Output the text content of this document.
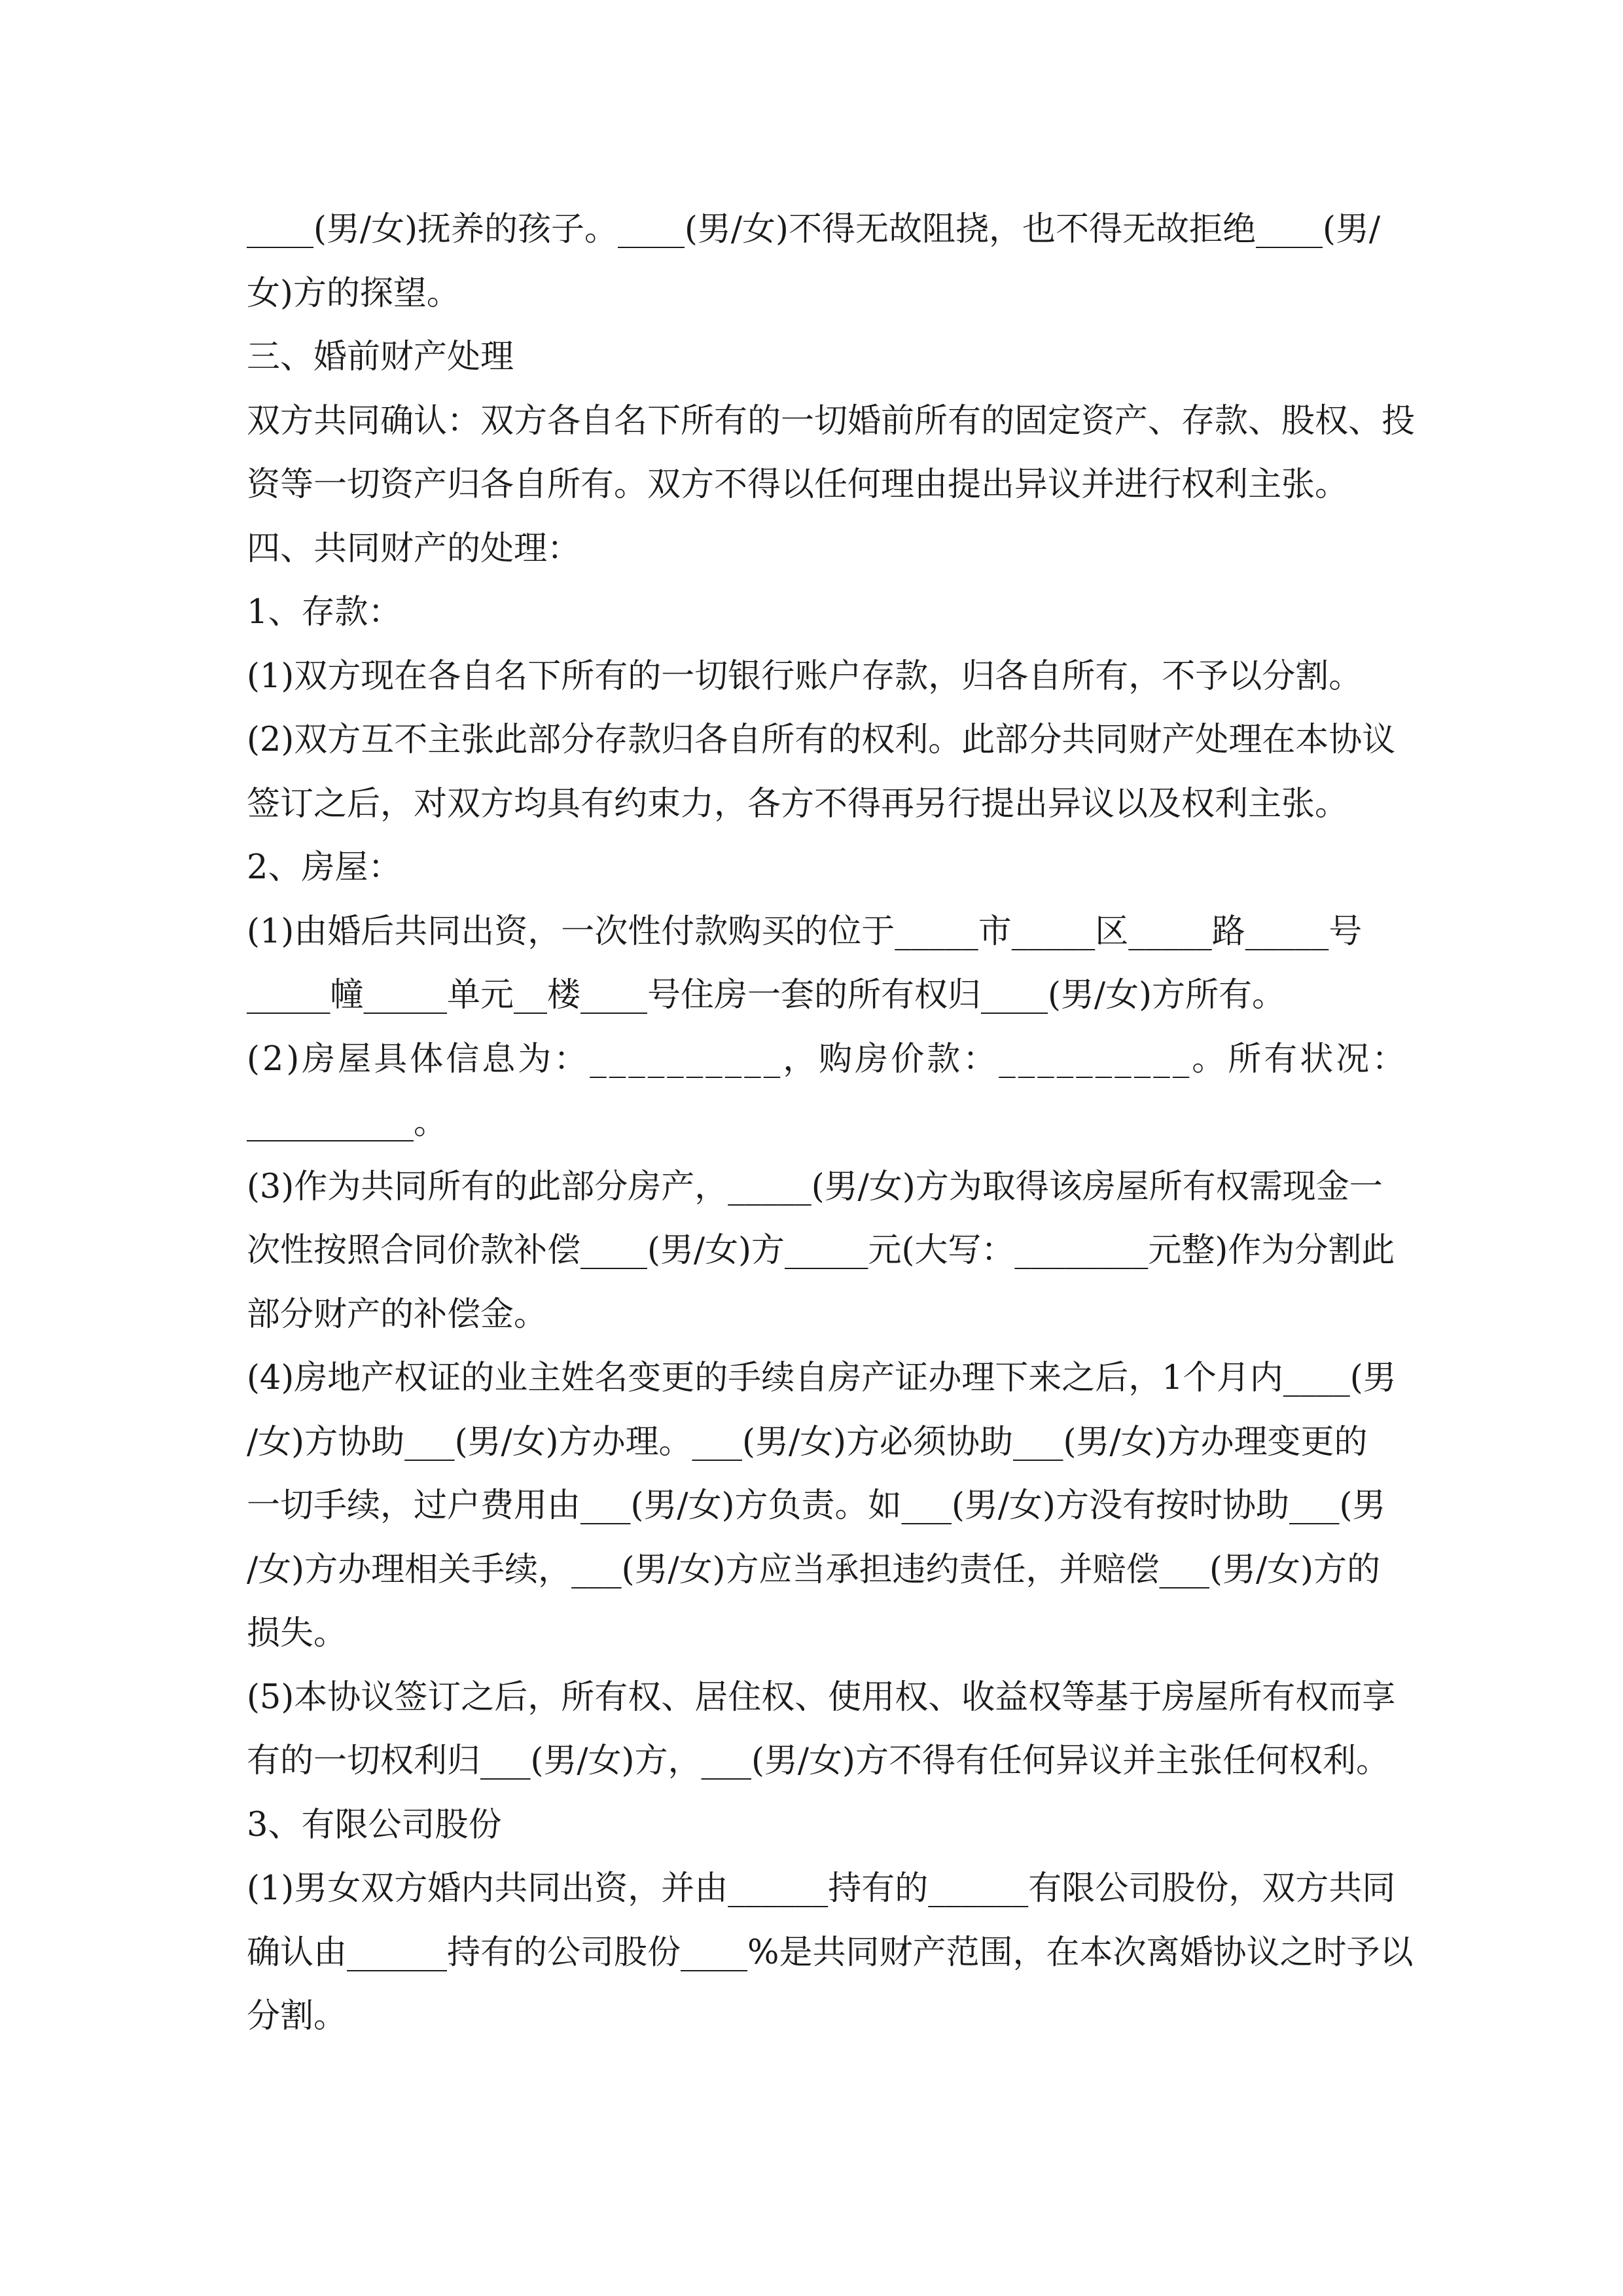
____(男/女)抚养的孩子。____(男/女)不得无故阻挠，也不得无故拒绝____(男/
女)方的探望。
三、婚前财产处理
双方共同确认：双方各自名下所有的一切婚前所有的固定资产、存款、股权、投
资等一切资产归各自所有。双方不得以任何理由提出异议并进行权利主张。
四、共同财产的处理：
1、存款：
(1)双方现在各自名下所有的一切银行账户存款，归各自所有，不予以分割。
(2)双方互不主张此部分存款归各自所有的权利。此部分共同财产处理在本协议
签订之后，对双方均具有约束力，各方不得再另行提出异议以及权利主张。
2、房屋：
(1)由婚后共同出资，一次性付款购买的位于_____市_____区_____路_____号
_____幢_____单元__楼____号住房一套的所有权归____(男/女)方所有。
(2)房屋具体信息为：__________，购房价款：__________。所有状况：
__________。
(3)作为共同所有的此部分房产，_____(男/女)方为取得该房屋所有权需现金一
次性按照合同价款补偿____(男/女)方_____元(大写：________元整)作为分割此
部分财产的补偿金。
(4)房地产权证的业主姓名变更的手续自房产证办理下来之后，1个月内____(男
/女)方协助___(男/女)方办理。___(男/女)方必须协助___(男/女)方办理变更的
一切手续，过户费用由___(男/女)方负责。如___(男/女)方没有按时协助___(男
/女)方办理相关手续，___(男/女)方应当承担违约责任，并赔偿___(男/女)方的
损失。
(5)本协议签订之后，所有权、居住权、使用权、收益权等基于房屋所有权而享
有的一切权利归___(男/女)方，___(男/女)方不得有任何异议并主张任何权利。
3、有限公司股份
(1)男女双方婚内共同出资，并由______持有的______有限公司股份，双方共同
确认由______持有的公司股份____%是共同财产范围，在本次离婚协议之时予以
分割。
